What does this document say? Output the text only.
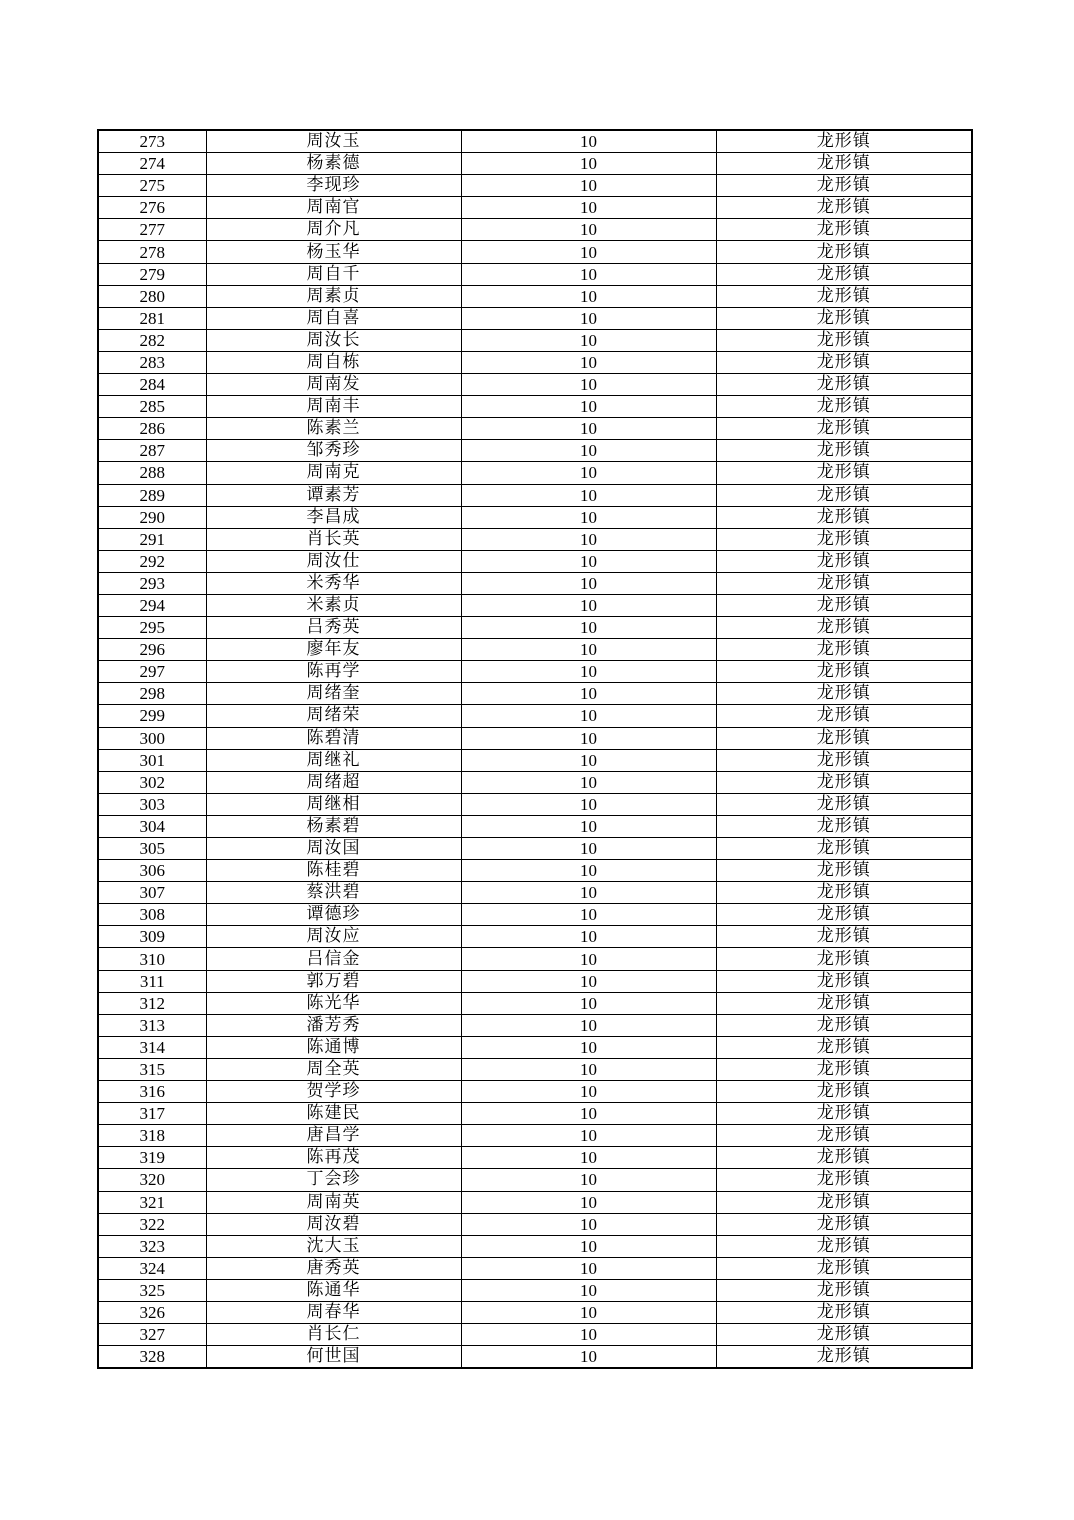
273	周汝玉	10	龙形镇
274	杨素德	10	龙形镇
275	李现珍	10	龙形镇
276	周南官	10	龙形镇
277	周介凡	10	龙形镇
278	杨玉华	10	龙形镇
279	周自千	10	龙形镇
280	周素贞	10	龙形镇
281	周自喜	10	龙形镇
282	周汝长	10	龙形镇
283	周自栋	10	龙形镇
284	周南发	10	龙形镇
285	周南丰	10	龙形镇
286	陈素兰	10	龙形镇
287	邹秀珍	10	龙形镇
288	周南克	10	龙形镇
289	谭素芳	10	龙形镇
290	李昌成	10	龙形镇
291	肖长英	10	龙形镇
292	周汝仕	10	龙形镇
293	米秀华	10	龙形镇
294	米素贞	10	龙形镇
295	吕秀英	10	龙形镇
296	廖年友	10	龙形镇
297	陈再学	10	龙形镇
298	周绪奎	10	龙形镇
299	周绪荣	10	龙形镇
300	陈碧清	10	龙形镇
301	周继礼	10	龙形镇
302	周绪超	10	龙形镇
303	周继相	10	龙形镇
304	杨素碧	10	龙形镇
305	周汝国	10	龙形镇
306	陈桂碧	10	龙形镇
307	蔡洪碧	10	龙形镇
308	谭德珍	10	龙形镇
309	周汝应	10	龙形镇
310	吕信金	10	龙形镇
311	郭万碧	10	龙形镇
312	陈光华	10	龙形镇
313	潘芳秀	10	龙形镇
314	陈通博	10	龙形镇
315	周全英	10	龙形镇
316	贺学珍	10	龙形镇
317	陈建民	10	龙形镇
318	唐昌学	10	龙形镇
319	陈再茂	10	龙形镇
320	丁会珍	10	龙形镇
321	周南英	10	龙形镇
322	周汝碧	10	龙形镇
323	沈大玉	10	龙形镇
324	唐秀英	10	龙形镇
325	陈通华	10	龙形镇
326	周春华	10	龙形镇
327	肖长仁	10	龙形镇
328	何世国	10	龙形镇
